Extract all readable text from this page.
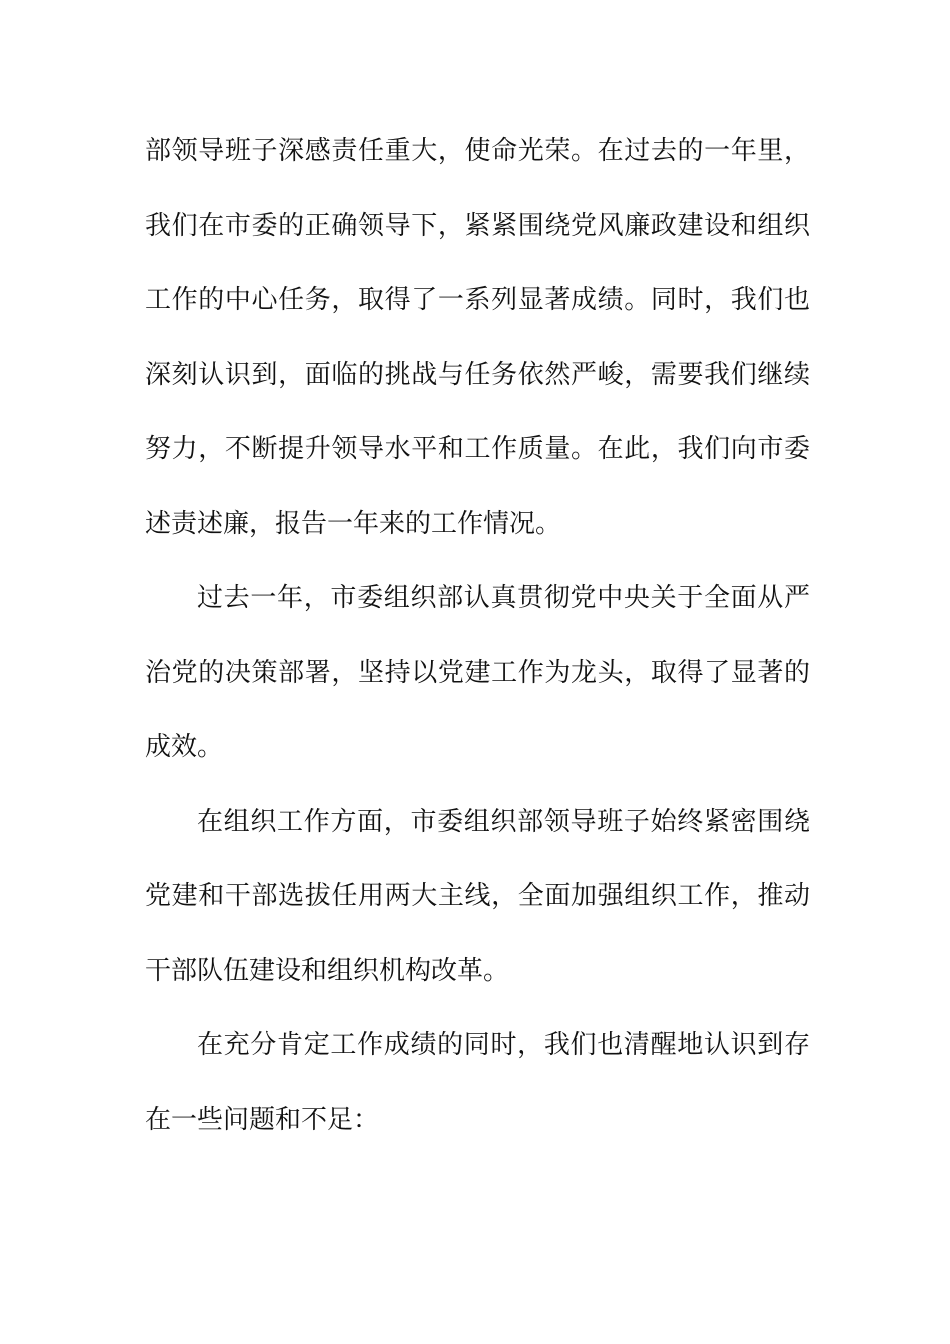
部领导班子深感责任重大，使命光荣。在过去的一年里，我们在市委的正确领导下，紧紧围绕党风廉政建设和组织工作的中心任务，取得了一系列显著成绩。同时，我们也深刻认识到，面临的挑战与任务依然严峻，需要我们继续努力，不断提升领导水平和工作质量。在此，我们向市委述责述廉，报告一年来的工作情况。

过去一年，市委组织部认真贯彻党中央关于全面从严治党的决策部署，坚持以党建工作为龙头，取得了显著的成效。

在组织工作方面，市委组织部领导班子始终紧密围绕党建和干部选拔任用两大主线，全面加强组织工作，推动干部队伍建设和组织机构改革。

在充分肯定工作成绩的同时，我们也清醒地认识到存在一些问题和不足：
